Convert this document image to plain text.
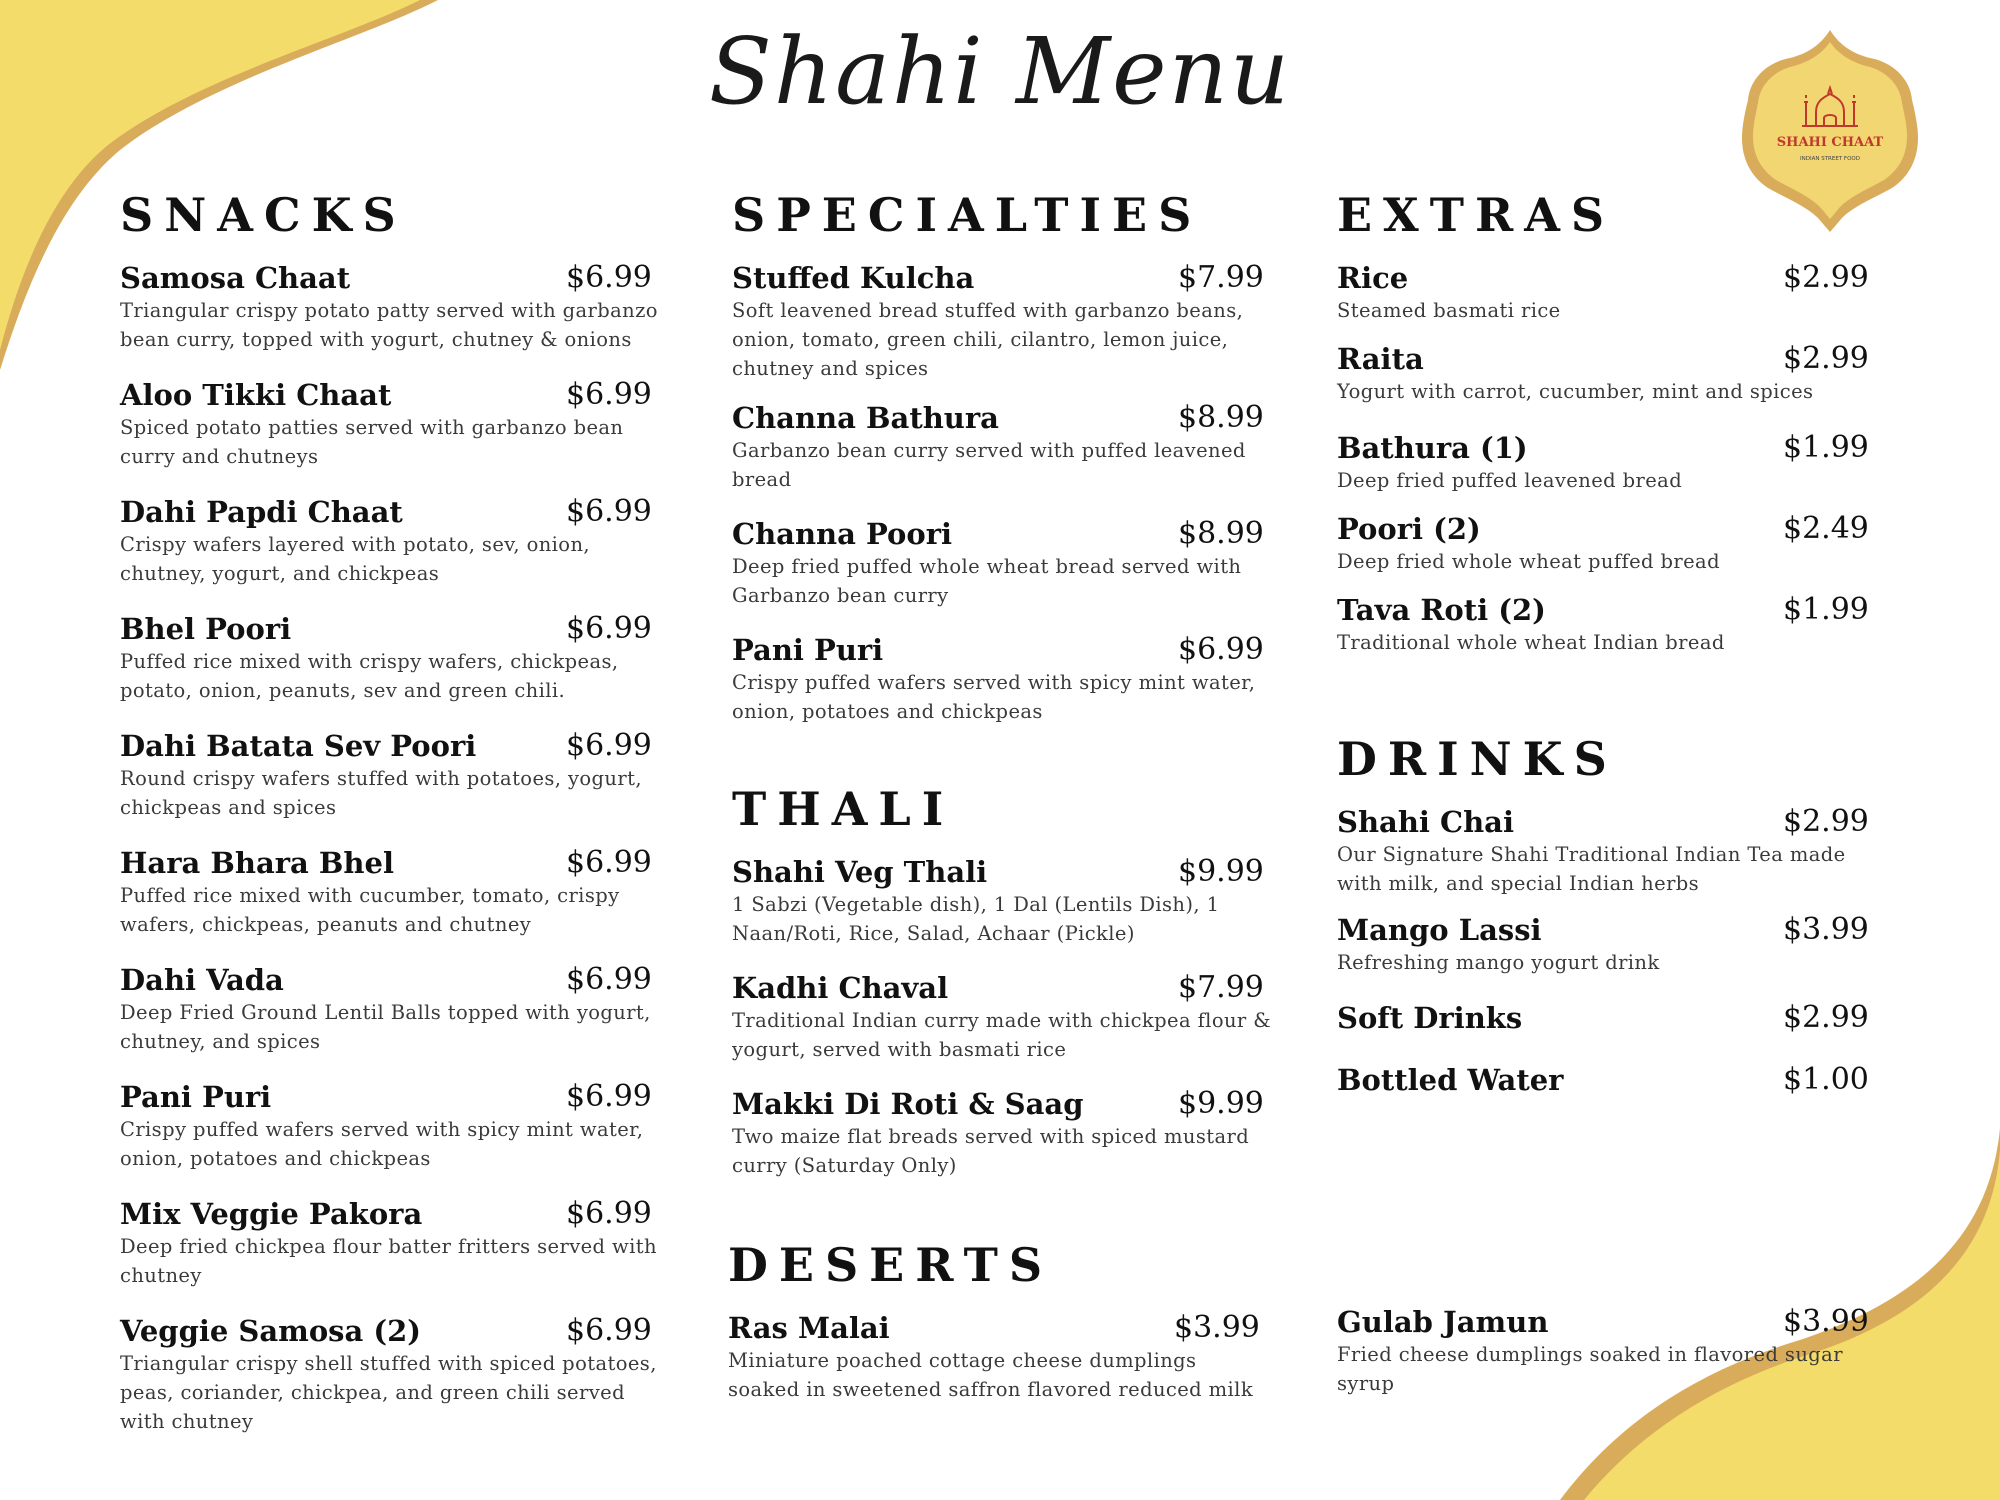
Shahi Menu
SHAHI CHAAT
INDIAN STREET FOOD
SNACKS
Samosa Chaat	$6.99
Triangular crispy potato patty served with garbanzo bean curry, topped with yogurt, chutney & onions
Aloo Tikki Chaat	$6.99
Spiced potato patties served with garbanzo bean curry and chutneys
Dahi Papdi Chaat	$6.99
Crispy wafers layered with potato, sev, onion, chutney, yogurt, and chickpeas
Bhel Poori	$6.99
Puffed rice mixed with crispy wafers, chickpeas, potato, onion, peanuts, sev and green chili.
Dahi Batata Sev Poori	$6.99
Round crispy wafers stuffed with potatoes, yogurt, chickpeas and spices
Hara Bhara Bhel	$6.99
Puffed rice mixed with cucumber, tomato, crispy wafers, chickpeas, peanuts and chutney
Dahi Vada	$6.99
Deep Fried Ground Lentil Balls topped with yogurt, chutney, and spices
Pani Puri	$6.99
Crispy puffed wafers served with spicy mint water, onion, potatoes and chickpeas
Mix Veggie Pakora	$6.99
Deep fried chickpea flour batter fritters served with chutney
Veggie Samosa (2)	$6.99
Triangular crispy shell stuffed with spiced potatoes, peas, coriander, chickpea, and green chili served with chutney
SPECIALTIES
Stuffed Kulcha	$7.99
Soft leavened bread stuffed with garbanzo beans, onion, tomato, green chili, cilantro, lemon juice, chutney and spices
Channa Bathura	$8.99
Garbanzo bean curry served with puffed leavened bread
Channa Poori	$8.99
Deep fried puffed whole wheat bread served with Garbanzo bean curry
Pani Puri	$6.99
Crispy puffed wafers served with spicy mint water, onion, potatoes and chickpeas
THALI
Shahi Veg Thali	$9.99
1 Sabzi (Vegetable dish), 1 Dal (Lentils Dish), 1 Naan/Roti, Rice, Salad, Achaar (Pickle)
Kadhi Chaval	$7.99
Traditional Indian curry made with chickpea flour & yogurt, served with basmati rice
Makki Di Roti & Saag	$9.99
Two maize flat breads served with spiced mustard curry (Saturday Only)
DESERTS
Ras Malai	$3.99
Miniature poached cottage cheese dumplings soaked in sweetened saffron flavored reduced milk
EXTRAS
Rice	$2.99
Steamed basmati rice
Raita	$2.99
Yogurt with carrot, cucumber, mint and spices
Bathura (1)	$1.99
Deep fried puffed leavened bread
Poori (2)	$2.49
Deep fried whole wheat puffed bread
Tava Roti (2)	$1.99
Traditional whole wheat Indian bread
DRINKS
Shahi Chai	$2.99
Our Signature Shahi Traditional Indian Tea made with milk, and special Indian herbs
Mango Lassi	$3.99
Refreshing mango yogurt drink
Soft Drinks	$2.99
Bottled Water	$1.00
Gulab Jamun	$3.99
Fried cheese dumplings soaked in flavored sugar syrup
